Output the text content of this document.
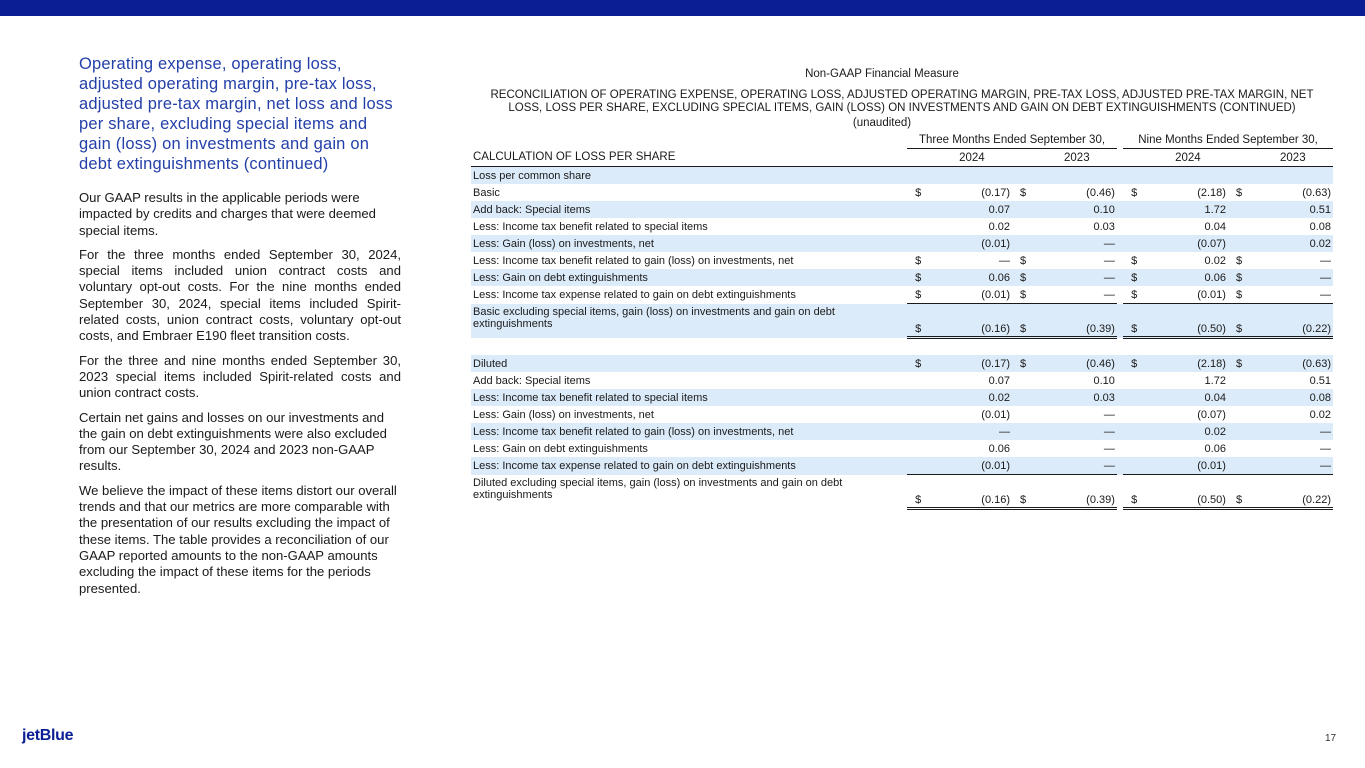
Operating expense, operating loss, adjusted operating margin, pre-tax loss, adjusted pre-tax margin, net loss and loss per share, excluding special items and gain (loss) on investments and gain on debt extinguishments (continued)

Our GAAP results in the applicable periods were impacted by credits and charges that were deemed special items.

For the three months ended September 30, 2024, special items included union contract costs and voluntary opt-out costs. For the nine months ended September 30, 2024, special items included Spirit-related costs, union contract costs, voluntary opt-out costs, and Embraer E190 fleet transition costs.

For the three and nine months ended September 30, 2023 special items included Spirit-related costs and union contract costs.

Certain net gains and losses on our investments and the gain on debt extinguishments were also excluded from our September 30, 2024 and 2023 non-GAAP results.

We believe the impact of these items distort our overall trends and that our metrics are more comparable with the presentation of our results excluding the impact of these items. The table provides a reconciliation of our GAAP reported amounts to the non-GAAP amounts excluding the impact of these items for the periods presented.

Non-GAAP Financial Measure
RECONCILIATION OF OPERATING EXPENSE, OPERATING LOSS, ADJUSTED OPERATING MARGIN, PRE-TAX LOSS, ADJUSTED PRE-TAX MARGIN, NET LOSS, LOSS PER SHARE, EXCLUDING SPECIAL ITEMS, GAIN (LOSS) ON INVESTMENTS AND GAIN ON DEBT EXTINGUISHMENTS (CONTINUED)
(unaudited)
	Three Months Ended September 30,					Nine Months Ended September 30,			
CALCULATION OF LOSS PER SHARE		2024		2023			2024		2023
Loss per common share									
Basic	$	(0.17)	$	(0.46)		$	(2.18)	$	(0.63)
Add back: Special items		0.07		0.10			1.72		0.51
Less: Income tax benefit related to special items		0.02		0.03			0.04		0.08
Less: Gain (loss) on investments, net		(0.01)		—			(0.07)		0.02
Less: Income tax benefit related to gain (loss) on investments, net	$	—	$	—		$	0.02	$	—
Less: Gain on debt extinguishments	$	0.06	$	—		$	0.06	$	—
Less: Income tax expense related to gain on debt extinguishments	$	(0.01)	$	—		$	(0.01)	$	—
Basic excluding special items, gain (loss) on investments and gain on debt extinguishments	$	(0.16)	$	(0.39)		$	(0.50)	$	(0.22)

Diluted	$	(0.17)	$	(0.46)		$	(2.18)	$	(0.63)
Add back: Special items		0.07		0.10			1.72		0.51
Less: Income tax benefit related to special items		0.02		0.03			0.04		0.08
Less: Gain (loss) on investments, net		(0.01)		—			(0.07)		0.02
Less: Income tax benefit related to gain (loss) on investments, net		—		—			0.02		—
Less: Gain on debt extinguishments		0.06		—			0.06		—
Less: Income tax expense related to gain on debt extinguishments		(0.01)		—			(0.01)		—
Diluted excluding special items, gain (loss) on investments and gain on debt extinguishments	$	(0.16)	$	(0.39)		$	(0.50)	$	(0.22)
jetBlue	17
